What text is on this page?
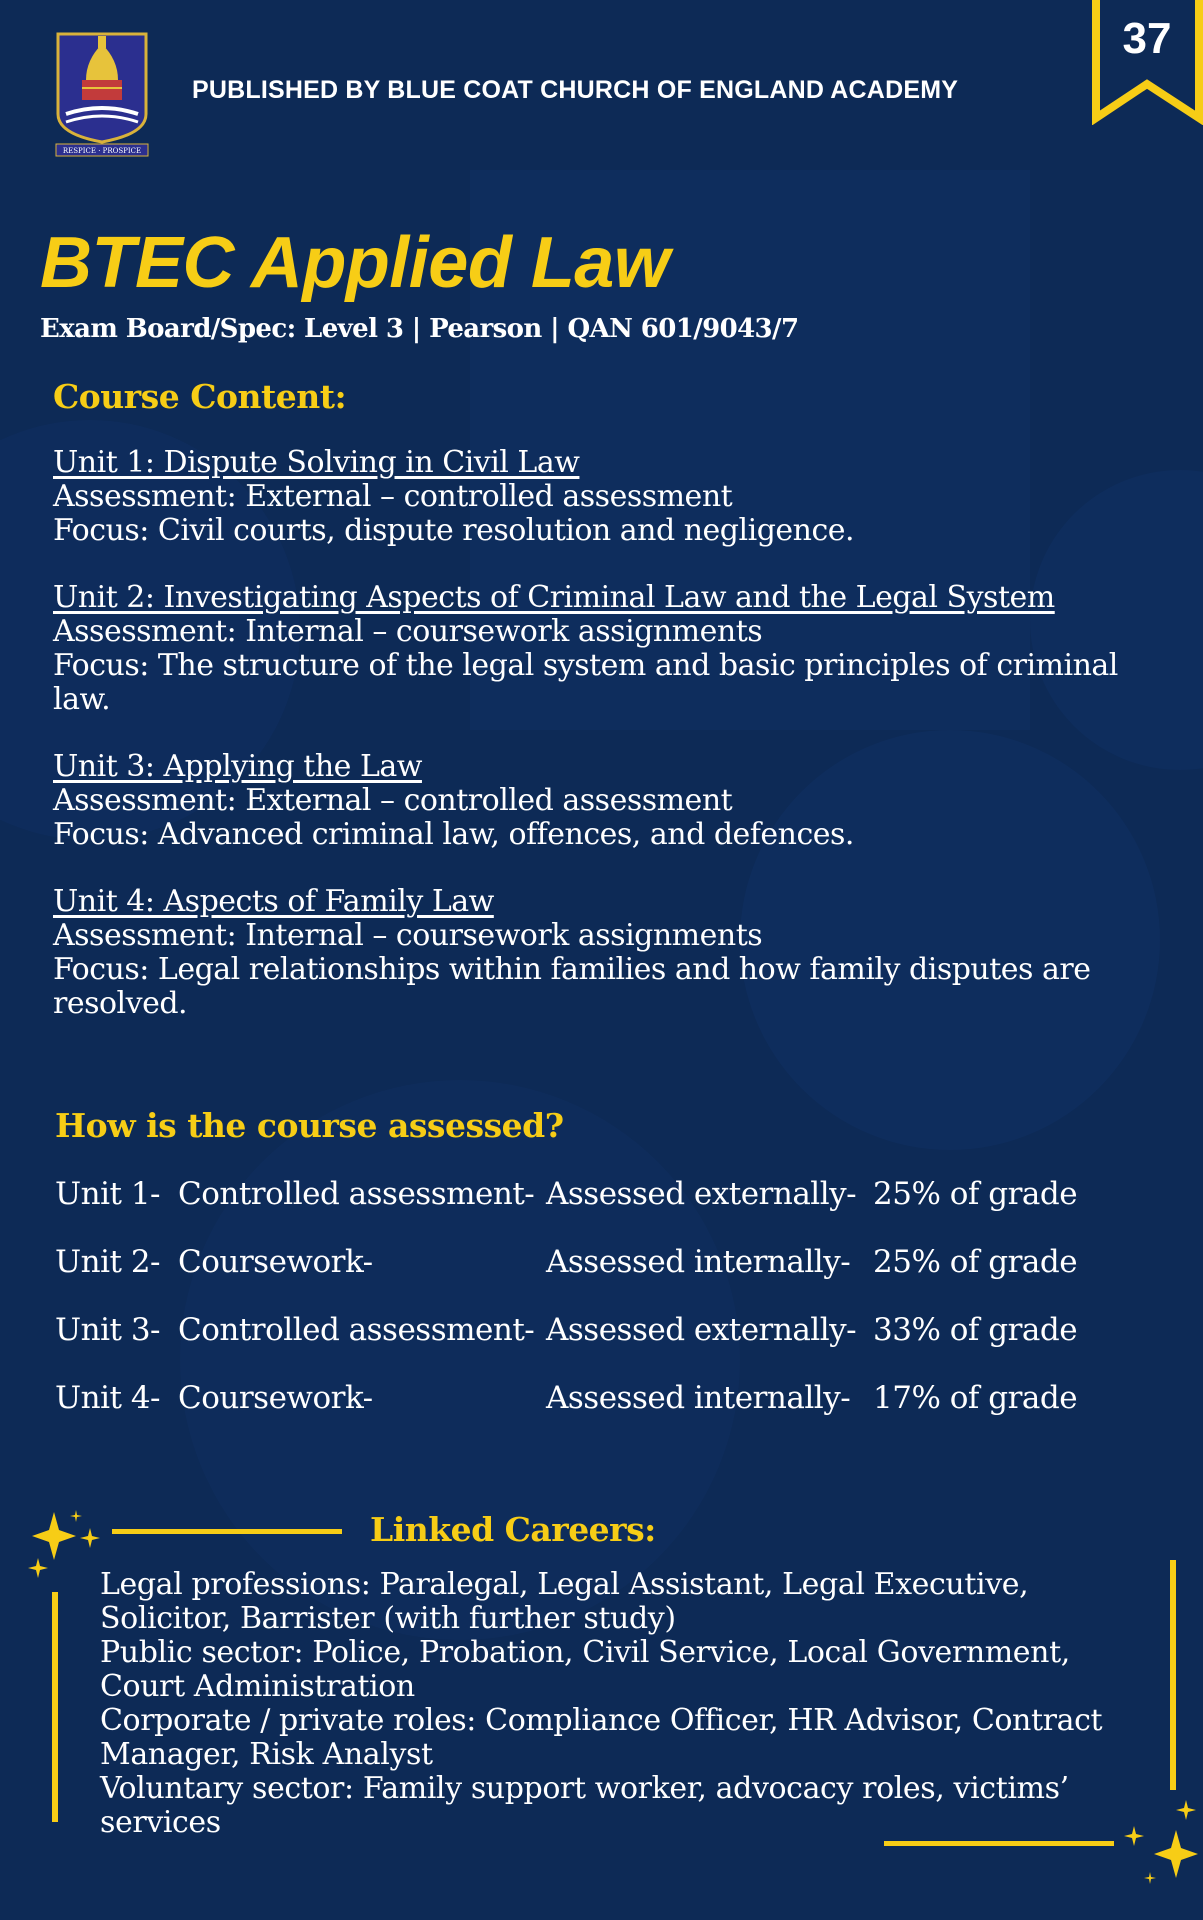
RESPICE · PROSPICE
PUBLISHED BY BLUE COAT CHURCH OF ENGLAND ACADEMY
37
BTEC Applied Law
Exam Board/Spec: Level 3 | Pearson | QAN 601/9043/7
Course Content:
Unit 1: Dispute Solving in Civil Law
Assessment: External – controlled assessment
Focus: Civil courts, dispute resolution and negligence.
Unit 2: Investigating Aspects of Criminal Law and the Legal System
Assessment: Internal – coursework assignments
Focus: The structure of the legal system and basic principles of criminal law.
Unit 3: Applying the Law
Assessment: External – controlled assessment
Focus: Advanced criminal law, offences, and defences.
Unit 4: Aspects of Family Law
Assessment: Internal – coursework assignments
Focus: Legal relationships within families and how family disputes are resolved.
How is the course assessed?
Unit 1- Controlled assessment- Assessed externally- 25% of grade
Unit 2- Coursework-	Assessed internally- 25% of grade
Unit 3- Controlled assessment- Assessed externally- 33% of grade
Unit 4- Coursework-	Assessed internally- 17% of grade
Linked Careers:
Legal professions: Paralegal, Legal Assistant, Legal Executive, Solicitor, Barrister (with further study)
Public sector: Police, Probation, Civil Service, Local Government, Court Administration
Corporate / private roles: Compliance Officer, HR Advisor, Contract Manager, Risk Analyst
Voluntary sector: Family support worker, advocacy roles, victims’ services
